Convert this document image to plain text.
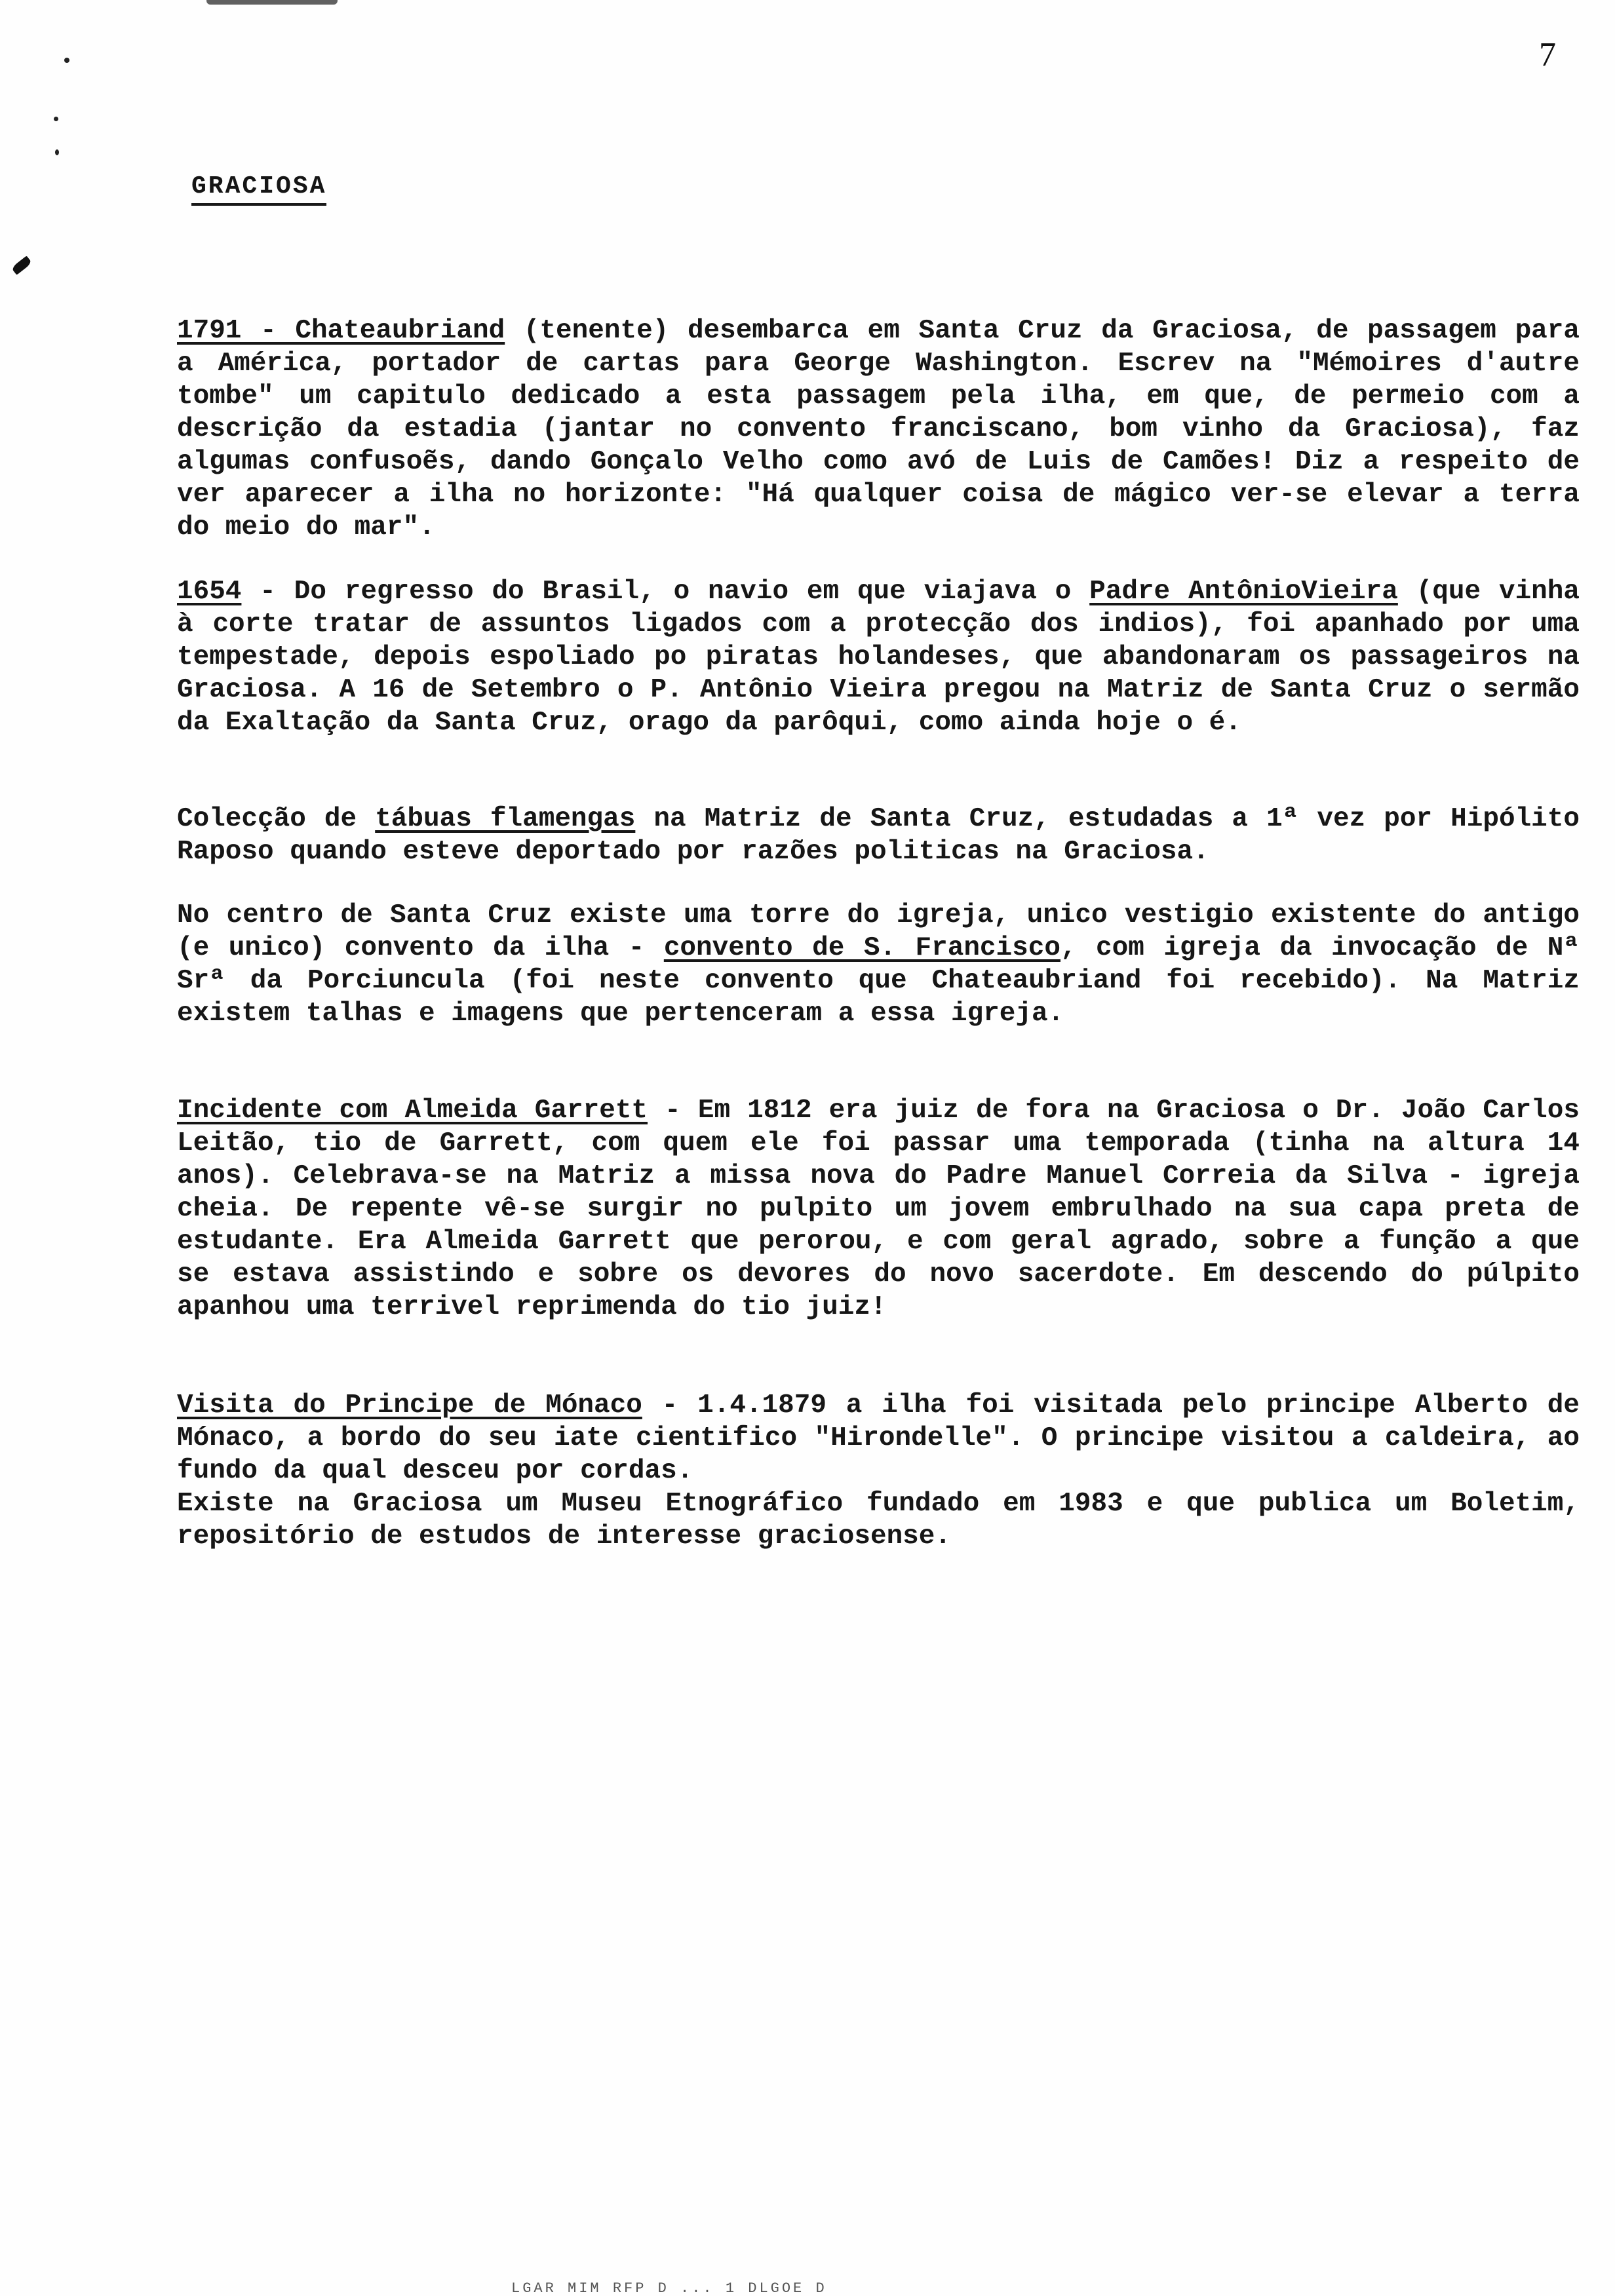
7
GRACIOSA

1791 - Chateaubriand (tenente) desembarca em Santa Cruz da Graciosa, de passagem para a América, portador de cartas para George Washington. Escrev na "Mémoires d'autre tombe" um capitulo dedicado a esta passagem pela ilha, em que, de permeio com a descrição da estadia (jantar no convento franciscano, bom vinho da Graciosa), faz algumas confusoẽs, dando Gonçalo Velho como avó de Luis de Camões! Diz a respeito de ver aparecer a ilha no horizonte: "Há qualquer coisa de mágico ver-se elevar a terra do meio do mar".

1654 - Do regresso do Brasil, o navio em que viajava o Padre AntônioVieira (que vinha à corte tratar de assuntos ligados com a protecção dos indios), foi apanhado por uma tempestade, depois espoliado po piratas holandeses, que abandonaram os passageiros na Graciosa. A 16 de Setembro o P. Antônio Vieira pregou na Matriz de Santa Cruz o sermão da Exaltação da Santa Cruz, orago da parôqui, como ainda hoje o é.

Colecção de tábuas flamengas na Matriz de Santa Cruz, estudadas a 1ª vez por Hipólito Raposo quando esteve deportado por razões politicas na Graciosa.

No centro de Santa Cruz existe uma torre do igreja, unico vestigio existente do antigo (e unico) convento da ilha - convento de S. Francisco, com igreja da invocação de Nª Srª da Porciuncula (foi neste convento que Chateaubriand foi recebido). Na Matriz existem talhas e imagens que pertenceram a essa igreja.

Incidente com Almeida Garrett - Em 1812 era juiz de fora na Graciosa o Dr. João Carlos Leitão, tio de Garrett, com quem ele foi passar uma temporada (tinha na altura 14 anos). Celebrava-se na Matriz a missa nova do Padre Manuel Correia da Silva - igreja cheia. De repente vê-se surgir no pulpito um jovem embrulhado na sua capa preta de estudante. Era Almeida Garrett que perorou, e com geral agrado, sobre a função a que se estava assistindo e sobre os devores do novo sacerdote. Em descendo do púlpito apanhou uma terrivel reprimenda do tio juiz!

Visita do Principe de Mónaco - 1.4.1879 a ilha foi visitada pelo principe Alberto de Mónaco, a bordo do seu iate cientifico "Hirondelle". O principe visitou a caldeira, ao fundo da qual desceu por cordas.

Existe na Graciosa um Museu Etnográfico fundado em 1983 e que publica um Boletim, repositório de estudos de interesse graciosense.

LGAR MIM RFP D ... 1 DLGOE D
